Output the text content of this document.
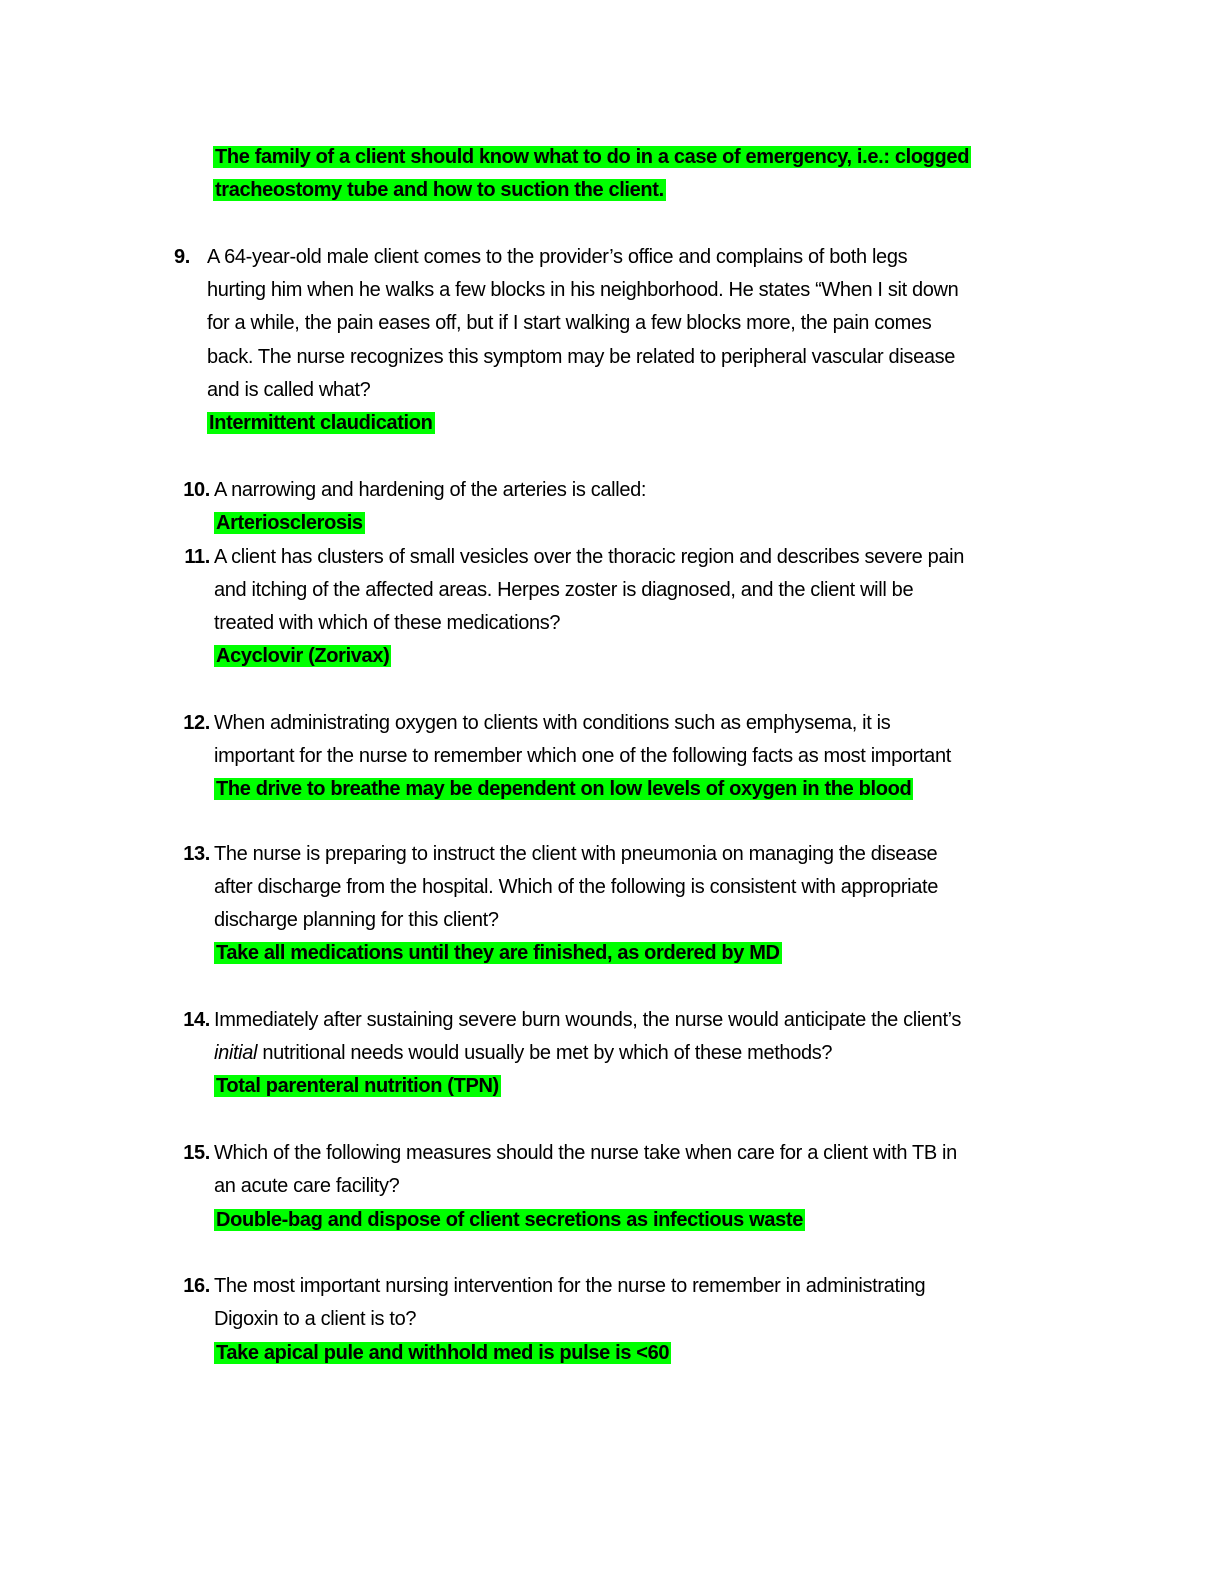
The family of a client should know what to do in a case of emergency, i.e.: clogged
tracheostomy tube and how to suction the client.
9. A 64-year-old male client comes to the provider’s office and complains of both legs
hurting him when he walks a few blocks in his neighborhood. He states “When I sit down
for a while, the pain eases off, but if I start walking a few blocks more, the pain comes
back. The nurse recognizes this symptom may be related to peripheral vascular disease
and is called what?
Intermittent claudication
10. A narrowing and hardening of the arteries is called:
Arteriosclerosis
11. A client has clusters of small vesicles over the thoracic region and describes severe pain
and itching of the affected areas. Herpes zoster is diagnosed, and the client will be
treated with which of these medications?
Acyclovir (Zorivax)
12. When administrating oxygen to clients with conditions such as emphysema, it is
important for the nurse to remember which one of the following facts as most important
The drive to breathe may be dependent on low levels of oxygen in the blood
13. The nurse is preparing to instruct the client with pneumonia on managing the disease
after discharge from the hospital. Which of the following is consistent with appropriate
discharge planning for this client?
Take all medications until they are finished, as ordered by MD
14. Immediately after sustaining severe burn wounds, the nurse would anticipate the client’s
initial nutritional needs would usually be met by which of these methods?
Total parenteral nutrition (TPN)
15. Which of the following measures should the nurse take when care for a client with TB in
an acute care facility?
Double-bag and dispose of client secretions as infectious waste
16. The most important nursing intervention for the nurse to remember in administrating
Digoxin to a client is to?
Take apical pule and withhold med is pulse is <60
